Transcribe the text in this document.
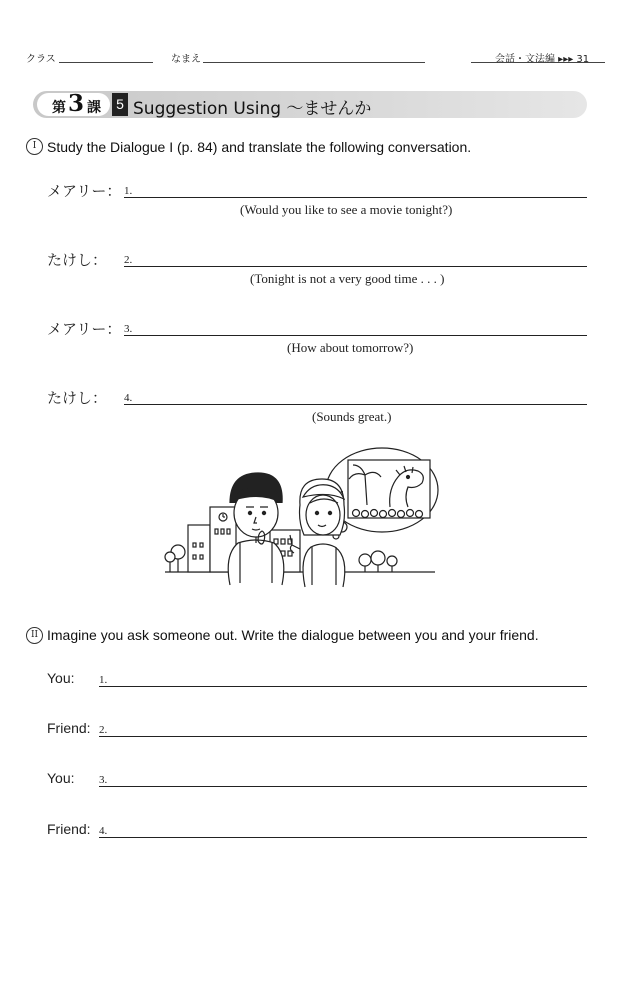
クラス	なまえ	会話・文法編 ▸▸▸ 31
第 3 課 5 Suggestion Using 〜ませんか
I Study the Dialogue I (p. 84) and translate the following conversation.
メアリー： 1.
(Would you like to see a movie tonight?)
たけし： 2.
(Tonight is not a very good time . . . )
メアリー： 3.
(How about tomorrow?)
たけし： 4.
(Sounds great.)
"
II Imagine you ask someone out. Write the dialogue between you and your friend.
You: 1.
Friend: 2.
You: 3.
Friend: 4.
